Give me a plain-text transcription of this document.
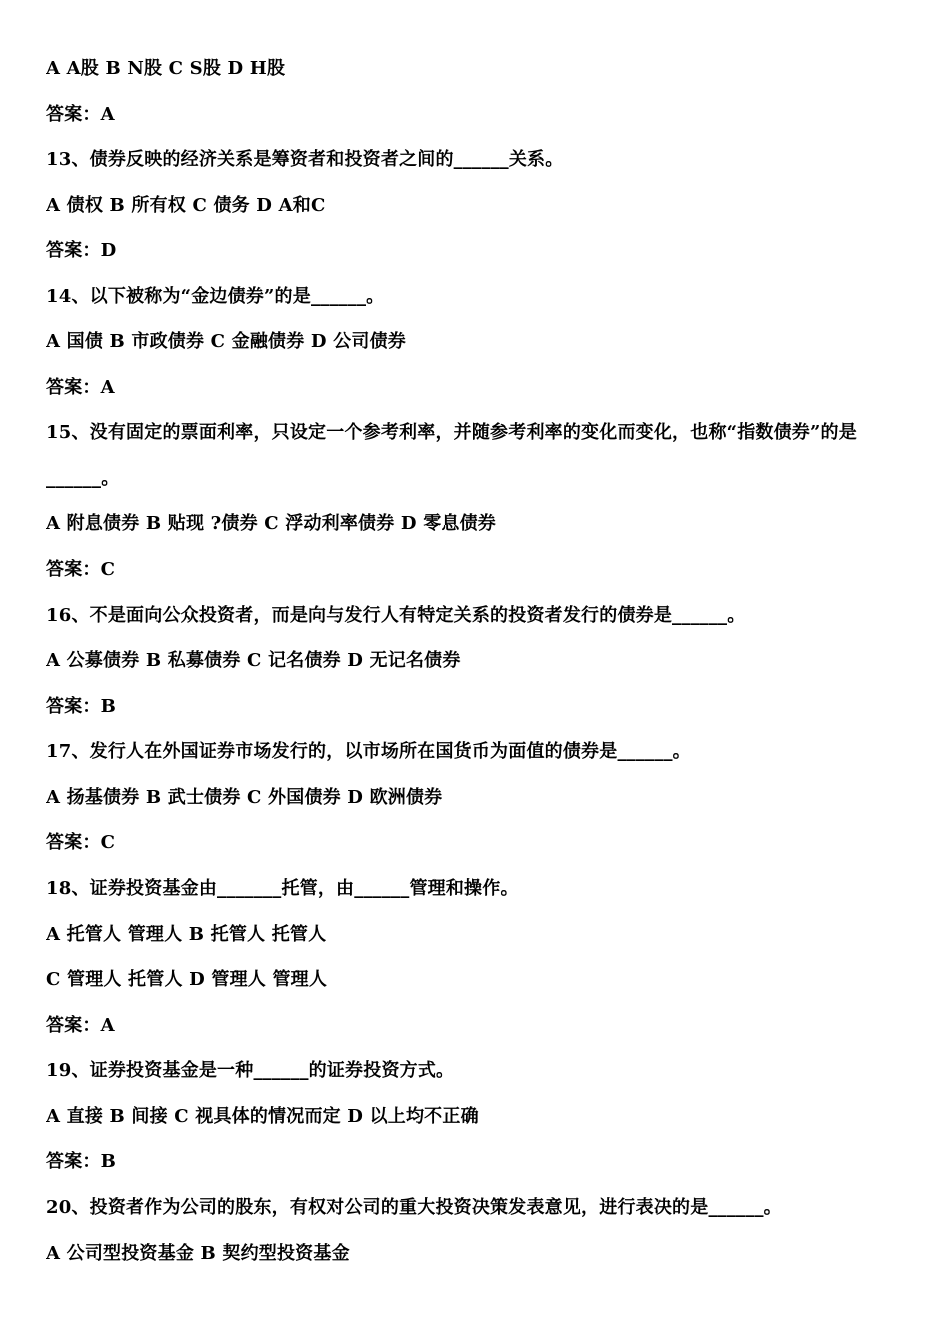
A A股 B N股 C S股 D H股
答案：A
13、债券反映的经济关系是筹资者和投资者之间的______关系。
A 债权 B 所有权 C 债务 D A和C
答案：D
14、以下被称为“金边债券”的是______。
A 国债 B 市政债券 C 金融债券 D 公司债券
答案：A
15、没有固定的票面利率，只设定一个参考利率，并随参考利率的变化而变化，也称“指数债券”的是
______。
A 附息债券 B 贴现 ?债券 C 浮动利率债券 D 零息债券
答案：C
16、不是面向公众投资者，而是向与发行人有特定关系的投资者发行的债券是______。
A 公募债券 B 私募债券 C 记名债券 D 无记名债券
答案：B
17、发行人在外国证券市场发行的，以市场所在国货币为面值的债券是______。
A 扬基债券 B 武士债券 C 外国债券 D 欧洲债券
答案：C
18、证券投资基金由_______托管，由______管理和操作。
A 托管人 管理人 B 托管人 托管人
C 管理人 托管人 D 管理人 管理人
答案：A
19、证券投资基金是一种______的证券投资方式。
A 直接 B 间接 C 视具体的情况而定 D 以上均不正确
答案：B
20、投资者作为公司的股东，有权对公司的重大投资决策发表意见，进行表决的是______。
A 公司型投资基金 B 契约型投资基金
